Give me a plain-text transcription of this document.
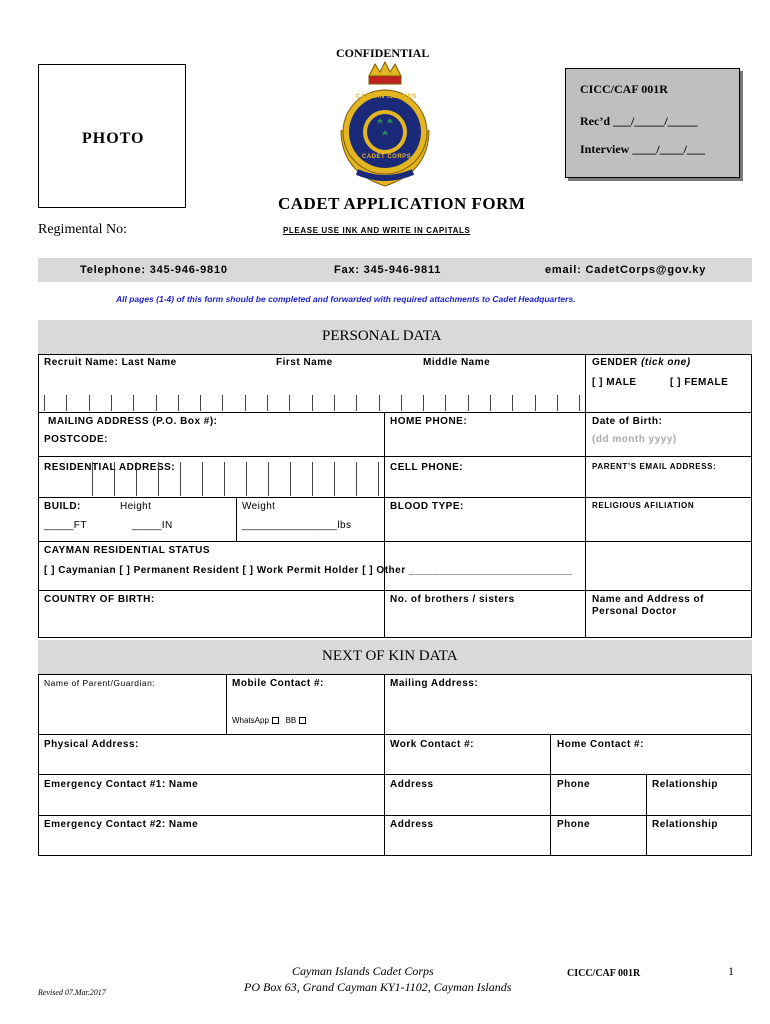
CONFIDENTIAL
PHOTO
CAYMAN ISLANDS
CADET CORPS
CICC/CAF 001R
Rec’d ___/_____/_____
Interview ____/____/___
CADET APPLICATION FORM
Regimental No:	PLEASE USE INK AND WRITE IN CAPITALS
Telephone: 345-946-9810	Fax: 345-946-9811	email: CadetCorps@gov.ky
All pages (1-4) of this form should be completed and forwarded with required attachments to Cadet Headquarters.
PERSONAL DATA
Recruit Name: Last Name	First Name	Middle Name	GENDER (tick one)
[ ] MALE	[ ] FEMALE
MAILING ADDRESS (P.O. Box #):
POSTCODE:
HOME PHONE:	Date of Birth:
(dd month yyyy)
RESIDENTIAL ADDRESS:	CELL PHONE:	PARENT’S EMAIL ADDRESS:
BUILD:	Height	Weight
_____FT	_____IN	________________lbs
BLOOD TYPE:	RELIGIOUS AFILIATION
CAYMAN RESIDENTIAL STATUS
[ ] Caymanian [ ] Permanent Resident [ ] Work Permit Holder [ ] Other ___________________________
COUNTRY OF BIRTH:	No. of brothers / sisters	Name and Address of
Personal Doctor
NEXT OF KIN DATA
Name of Parent/Guardian:	Mobile Contact #:	Mailing Address:
WhatsApp BB
Physical Address:	Work Contact #:	Home Contact #:
Emergency Contact #1: Name	Address	Phone	Relationship
Emergency Contact #2: Name	Address	Phone	Relationship
Revised 07.Mar.2017
Cayman Islands Cadet Corps
PO Box 63, Grand Cayman KY1-1102, Cayman Islands
CICC/CAF 001R	1
